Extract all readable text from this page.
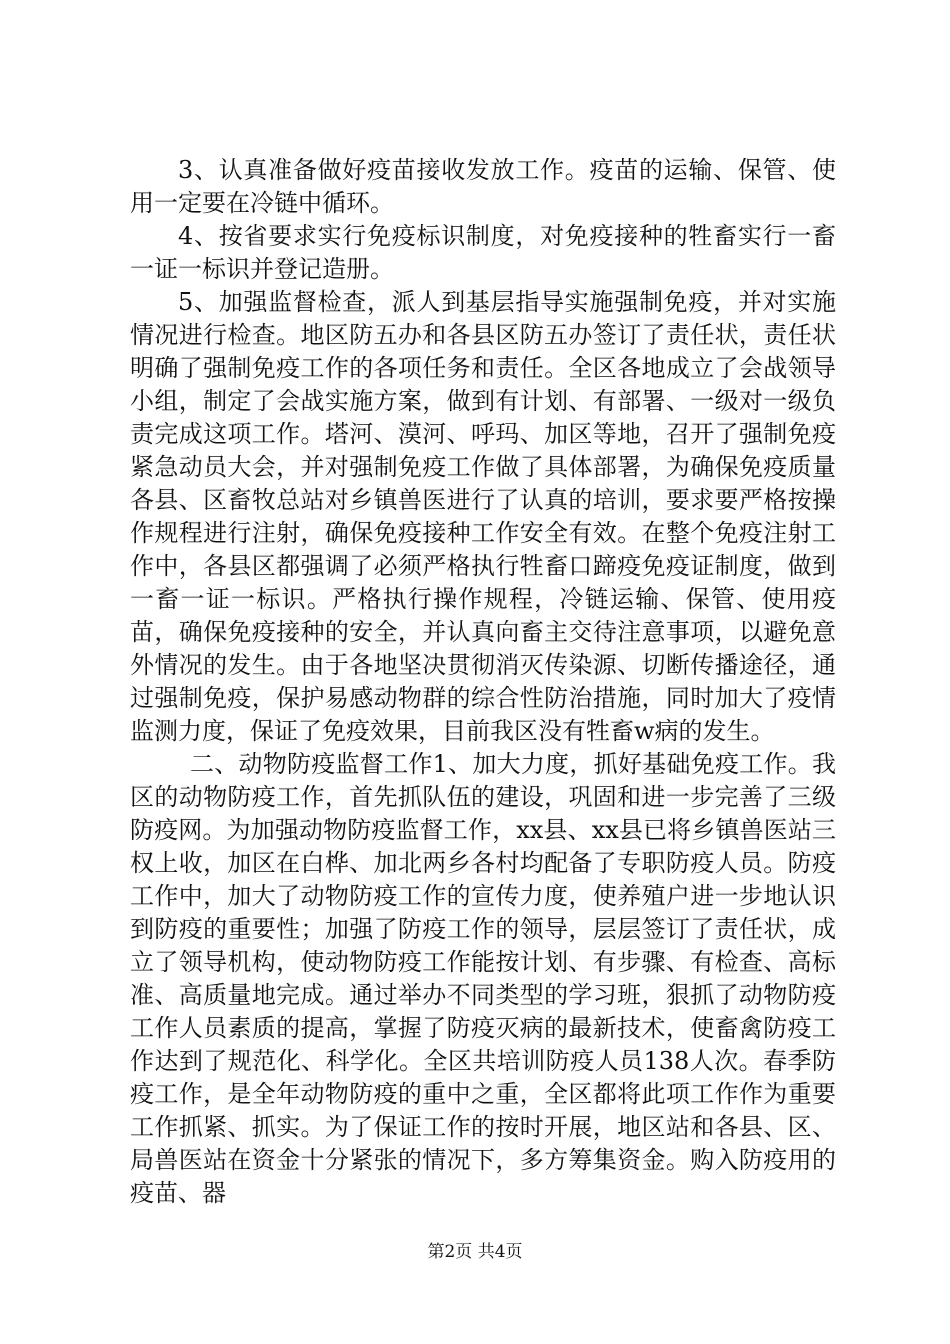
3、认真准备做好疫苗接收发放工作。疫苗的运输、保管、使用一定要在冷链中循环。

4、按省要求实行免疫标识制度，对免疫接种的牲畜实行一畜一证一标识并登记造册。

5、加强监督检查，派人到基层指导实施强制免疫，并对实施情况进行检查。地区防五办和各县区防五办签订了责任状，责任状明确了强制免疫工作的各项任务和责任。全区各地成立了会战领导小组，制定了会战实施方案，做到有计划、有部署、一级对一级负责完成这项工作。塔河、漠河、呼玛、加区等地，召开了强制免疫紧急动员大会，并对强制免疫工作做了具体部署，为确保免疫质量各县、区畜牧总站对乡镇兽医进行了认真的培训，要求要严格按操作规程进行注射，确保免疫接种工作安全有效。在整个免疫注射工作中，各县区都强调了必须严格执行牲畜口蹄疫免疫证制度，做到一畜一证一标识。严格执行操作规程，冷链运输、保管、使用疫苗，确保免疫接种的安全，并认真向畜主交待注意事项，以避免意外情况的发生。由于各地坚决贯彻消灭传染源、切断传播途径，通过强制免疫，保护易感动物群的综合性防治措施，同时加大了疫情监测力度，保证了免疫效果，目前我区没有牲畜w病的发生。

二、动物防疫监督工作1、加大力度，抓好基础免疫工作。我区的动物防疫工作，首先抓队伍的建设，巩固和进一步完善了三级防疫网。为加强动物防疫监督工作，xx县、xx县已将乡镇兽医站三权上收，加区在白桦、加北两乡各村均配备了专职防疫人员。防疫工作中，加大了动物防疫工作的宣传力度，使养殖户进一步地认识到防疫的重要性；加强了防疫工作的领导，层层签订了责任状，成立了领导机构，使动物防疫工作能按计划、有步骤、有检查、高标准、高质量地完成。通过举办不同类型的学习班，狠抓了动物防疫工作人员素质的提高，掌握了防疫灭病的最新技术，使畜禽防疫工作达到了规范化、科学化。全区共培训防疫人员138人次。春季防疫工作，是全年动物防疫的重中之重，全区都将此项工作作为重要工作抓紧、抓实。为了保证工作的按时开展，地区站和各县、区、局兽医站在资金十分紧张的情况下，多方筹集资金。购入防疫用的疫苗、器

第2页 共4页
